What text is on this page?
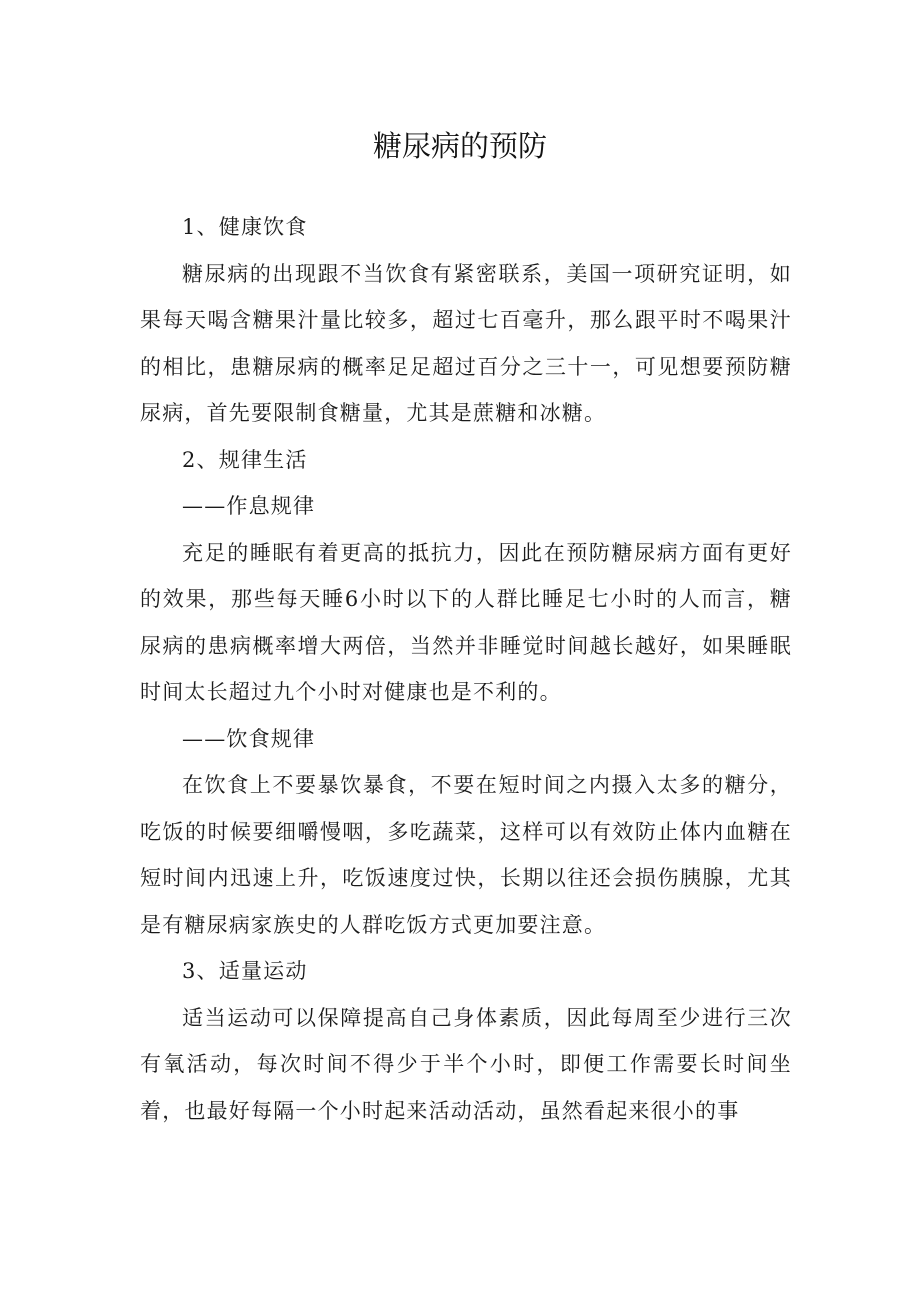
糖尿病的预防

1、健康饮食

糖尿病的出现跟不当饮食有紧密联系，美国一项研究证明，如果每天喝含糖果汁量比较多，超过七百毫升，那么跟平时不喝果汁的相比，患糖尿病的概率足足超过百分之三十一，可见想要预防糖尿病，首先要限制食糖量，尤其是蔗糖和冰糖。

2、规律生活

——作息规律

充足的睡眠有着更高的抵抗力，因此在预防糖尿病方面有更好的效果，那些每天睡6小时以下的人群比睡足七小时的人而言，糖尿病的患病概率增大两倍，当然并非睡觉时间越长越好，如果睡眠时间太长超过九个小时对健康也是不利的。

——饮食规律

在饮食上不要暴饮暴食，不要在短时间之内摄入太多的糖分，吃饭的时候要细嚼慢咽，多吃蔬菜，这样可以有效防止体内血糖在短时间内迅速上升，吃饭速度过快，长期以往还会损伤胰腺，尤其是有糖尿病家族史的人群吃饭方式更加要注意。

3、适量运动

适当运动可以保障提高自己身体素质，因此每周至少进行三次有氧活动，每次时间不得少于半个小时，即便工作需要长时间坐着，也最好每隔一个小时起来活动活动，虽然看起来很小的事
